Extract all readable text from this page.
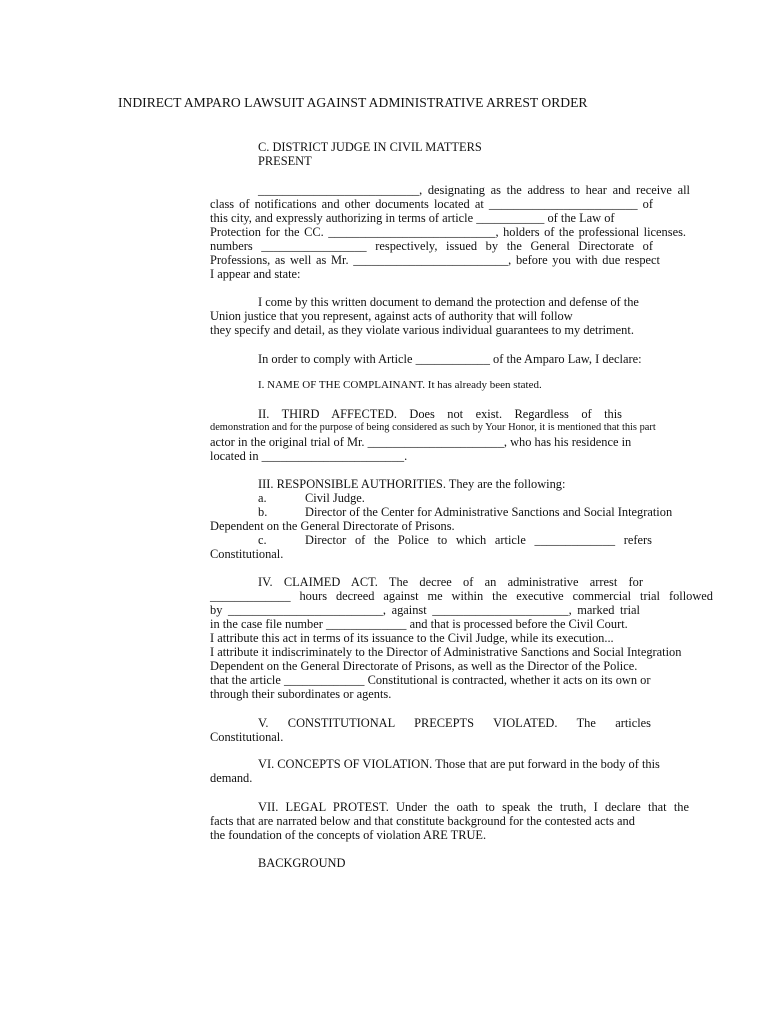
INDIRECT AMPARO LAWSUIT AGAINST ADMINISTRATIVE ARREST ORDER
C. DISTRICT JUDGE IN CIVIL MATTERS
PRESENT
__________________________, designating as the address to hear and receive all
class of notifications and other documents located at ________________________ of
this city, and expressly authorizing in terms of article ___________ of the Law of
Protection for the CC. ___________________________, holders of the professional licenses.
numbers _________________ respectively, issued by the General Directorate of
Professions, as well as Mr. _________________________, before you with due respect
I appear and state:
I come by this written document to demand the protection and defense of the
Union justice that you represent, against acts of authority that will follow
they specify and detail, as they violate various individual guarantees to my detriment.
In order to comply with Article ____________ of the Amparo Law, I declare:
I. NAME OF THE COMPLAINANT. It has already been stated.
II. THIRD AFFECTED. Does not exist. Regardless of this
demonstration and for the purpose of being considered as such by Your Honor, it is mentioned that this part
actor in the original trial of Mr. ______________________, who has his residence in
located in _______________________.
III. RESPONSIBLE AUTHORITIES. They are the following:
a.	Civil Judge.
b.	Director of the Center for Administrative Sanctions and Social Integration
Dependent on the General Directorate of Prisons.
c.	Director of the Police to which article _____________ refers
Constitutional.
IV. CLAIMED ACT. The decree of an administrative arrest for
_____________ hours decreed against me within the executive commercial trial followed
by _________________________, against ______________________, marked trial
in the case file number _____________ and that is processed before the Civil Court.
I attribute this act in terms of its issuance to the Civil Judge, while its execution...
I attribute it indiscriminately to the Director of Administrative Sanctions and Social Integration
Dependent on the General Directorate of Prisons, as well as the Director of the Police.
that the article _____________ Constitutional is contracted, whether it acts on its own or
through their subordinates or agents.
V. CONSTITUTIONAL PRECEPTS VIOLATED. The articles
Constitutional.
VI. CONCEPTS OF VIOLATION. Those that are put forward in the body of this
demand.
VII. LEGAL PROTEST. Under the oath to speak the truth, I declare that the
facts that are narrated below and that constitute background for the contested acts and
the foundation of the concepts of violation ARE TRUE.
BACKGROUND
